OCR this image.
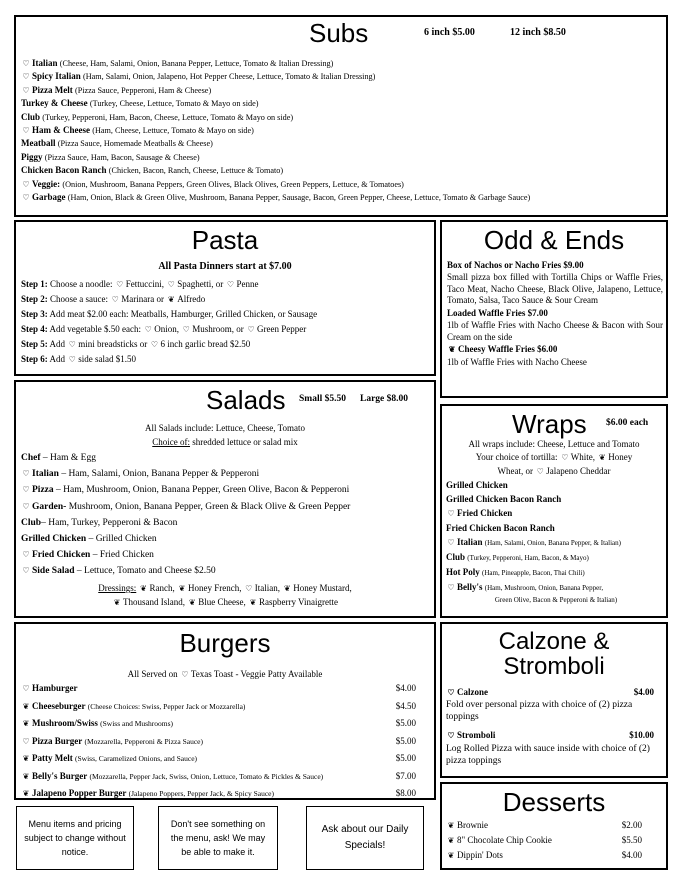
Subs	6 inch $5.00	12 inch $8.50
♡ Italian (Cheese, Ham, Salami, Onion, Banana Pepper, Lettuce, Tomato & Italian Dressing)
♡ Spicy Italian (Ham, Salami, Onion, Jalapeno, Hot Pepper Cheese, Lettuce, Tomato & Italian Dressing)
♡ Pizza Melt (Pizza Sauce, Pepperoni, Ham & Cheese)
Turkey & Cheese (Turkey, Cheese, Lettuce, Tomato & Mayo on side)
Club (Turkey, Pepperoni, Ham, Bacon, Cheese, Lettuce, Tomato & Mayo on side)
♡ Ham & Cheese (Ham, Cheese, Lettuce, Tomato & Mayo on side)
Meatball (Pizza Sauce, Homemade Meatballs & Cheese)
Piggy (Pizza Sauce, Ham, Bacon, Sausage & Cheese)
Chicken Bacon Ranch (Chicken, Bacon, Ranch, Cheese, Lettuce & Tomato)
♡ Veggie: (Onion, Mushroom, Banana Peppers, Green Olives, Black Olives, Green Peppers, Lettuce, & Tomatoes)
♡ Garbage (Ham, Onion, Black & Green Olive, Mushroom, Banana Pepper, Sausage, Bacon, Green Pepper, Cheese, Lettuce, Tomato & Garbage Sauce)
Pasta
All Pasta Dinners start at $7.00
Step 1: Choose a noodle: ♡ Fettuccini, ♡ Spaghetti, or ♡ Penne
Step 2: Choose a sauce: ♡ Marinara or ❦ Alfredo
Step 3: Add meat $2.00 each: Meatballs, Hamburger, Grilled Chicken, or Sausage
Step 4: Add vegetable $.50 each: ♡ Onion, ♡ Mushroom, or ♡ Green Pepper
Step 5: Add ♡ mini breadsticks or ♡ 6 inch garlic bread $2.50
Step 6: Add ♡ side salad $1.50
Odd & Ends
Box of Nachos or Nacho Fries $9.00
Small pizza box filled with Tortilla Chips or Waffle Fries, Taco Meat, Nacho Cheese, Black Olive, Jalapeno, Lettuce, Tomato, Salsa, Taco Sauce & Sour Cream
Loaded Waffle Fries $7.00
1lb of Waffle Fries with Nacho Cheese & Bacon with Sour Cream on the side
❦ Cheesy Waffle Fries $6.00
1lb of Waffle Fries with Nacho Cheese
Salads Small $5.50 Large $8.00
All Salads include: Lettuce, Cheese, Tomato
Choice of: shredded lettuce or salad mix
Chef – Ham & Egg
♡ Italian – Ham, Salami, Onion, Banana Pepper & Pepperoni
♡ Pizza – Ham, Mushroom, Onion, Banana Pepper, Green Olive, Bacon & Pepperoni
♡ Garden- Mushroom, Onion, Banana Pepper, Green & Black Olive & Green Pepper
Club– Ham, Turkey, Pepperoni & Bacon
Grilled Chicken – Grilled Chicken
♡ Fried Chicken – Fried Chicken
♡ Side Salad – Lettuce, Tomato and Cheese $2.50
Dressings: ❦ Ranch, ❦ Honey French, ♡ Italian, ❦ Honey Mustard,
❦ Thousand Island, ❦ Blue Cheese, ❦ Raspberry Vinaigrette
Wraps $6.00 each
All wraps include: Cheese, Lettuce and Tomato
Your choice of tortilla: ♡ White, ❦ Honey
Wheat, or ♡ Jalapeno Cheddar
Grilled Chicken
Grilled Chicken Bacon Ranch
♡ Fried Chicken
Fried Chicken Bacon Ranch
♡ Italian (Ham, Salami, Onion, Banana Pepper, & Italian)
Club (Turkey, Pepperoni, Ham, Bacon, & Mayo)
Hot Poly (Ham, Pineapple, Bacon, Thai Chili)
♡ Belly's (Ham, Mushroom, Onion, Banana Pepper,
Green Olive, Bacon & Pepperoni & Italian)
Burgers
All Served on ♡ Texas Toast - Veggie Patty Available
♡ Hamburger	$4.00
❦ Cheeseburger (Cheese Choices: Swiss, Pepper Jack or Mozzarella)	$4.50
❦ Mushroom/Swiss (Swiss and Mushrooms)	$5.00
♡ Pizza Burger (Mozzarella, Pepperoni & Pizza Sauce)	$5.00
❦ Patty Melt (Swiss, Caramelized Onions, and Sauce)	$5.00
❦ Belly's Burger (Mozzarella, Pepper Jack, Swiss, Onion, Lettuce, Tomato & Pickles & Sauce)	$7.00
❦ Jalapeno Popper Burger (Jalapeno Poppers, Pepper Jack, & Spicy Sauce)	$8.00
Calzone &
Stromboli
♡ Calzone	$4.00
Fold over personal pizza with choice of (2) pizza toppings
♡ Stromboli	$10.00
Log Rolled Pizza with sauce inside with choice of (2) pizza toppings
Desserts
❦ Brownie	$2.00
❦ 8" Chocolate Chip Cookie	$5.50
❦ Dippin' Dots	$4.00
Menu items and pricing subject to change without notice.
Don't see something on the menu, ask! We may be able to make it.
Ask about our Daily Specials!
